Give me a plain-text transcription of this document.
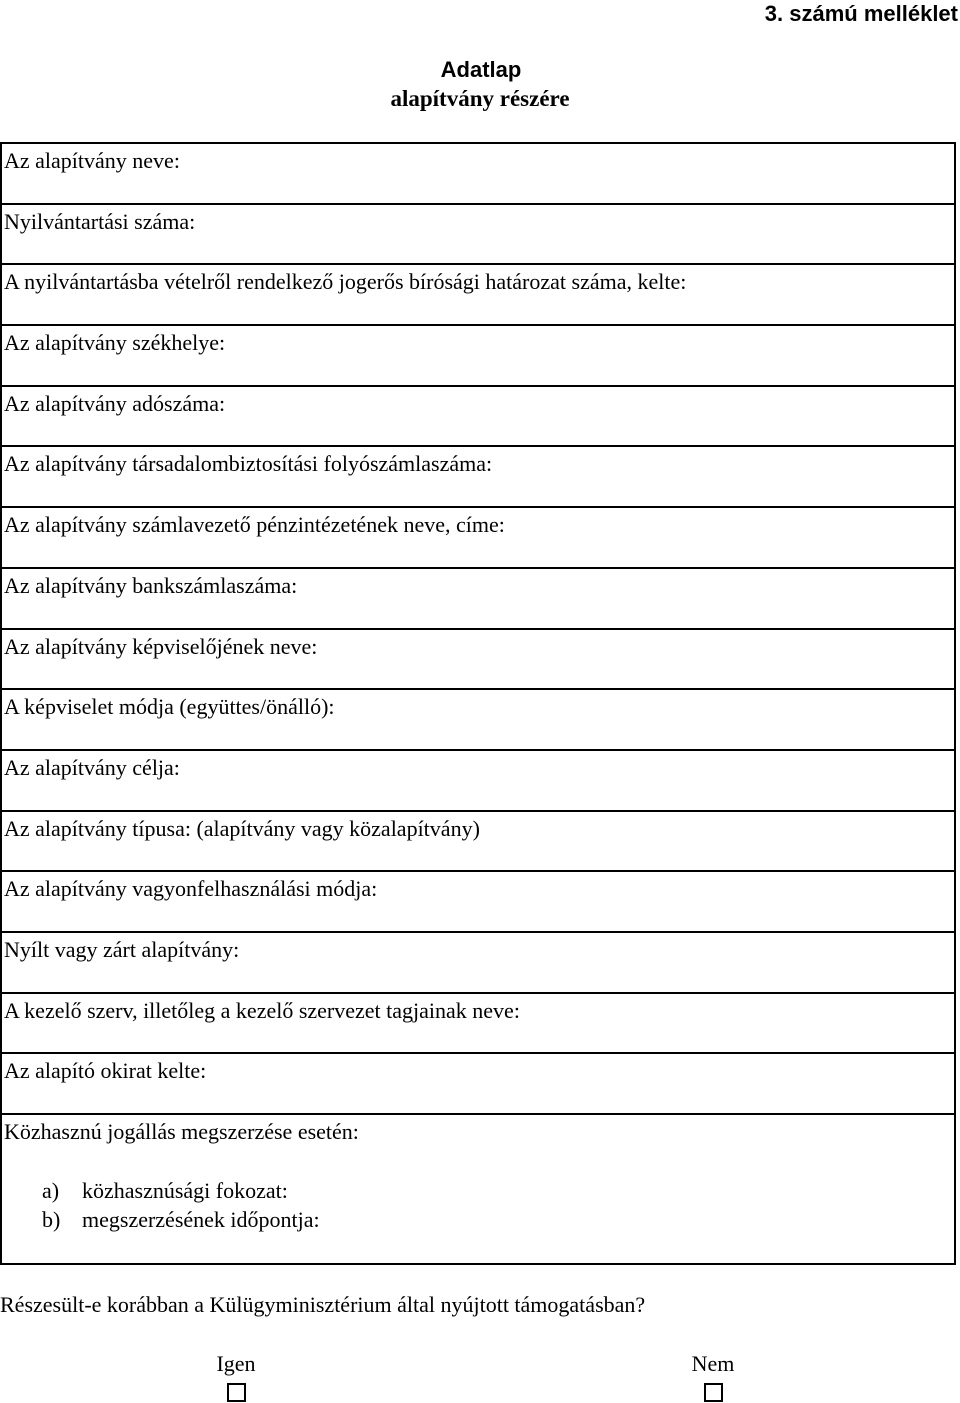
3. számú melléklet
Adatlap
alapítvány részére
Az alapítvány neve:
Nyilvántartási száma:
A nyilvántartásba vételről rendelkező jogerős bírósági határozat száma, kelte:
Az alapítvány székhelye:
Az alapítvány adószáma:
Az alapítvány társadalombiztosítási folyószámlaszáma:
Az alapítvány számlavezető pénzintézetének neve, címe:
Az alapítvány bankszámlaszáma:
Az alapítvány képviselőjének neve:
A képviselet módja (együttes/önálló):
Az alapítvány célja:
Az alapítvány típusa: (alapítvány vagy közalapítvány)
Az alapítvány vagyonfelhasználási módja:
Nyílt vagy zárt alapítvány:
A kezelő szerv, illetőleg a kezelő szervezet tagjainak neve:
Az alapító okirat kelte:
Közhasznú jogállás megszerzése esetén:
a)	közhasznúsági fokozat:
b) megszerzésének időpontja:
Részesült-e korábban a Külügyminisztérium által nyújtott támogatásban?
Igen	Nem
